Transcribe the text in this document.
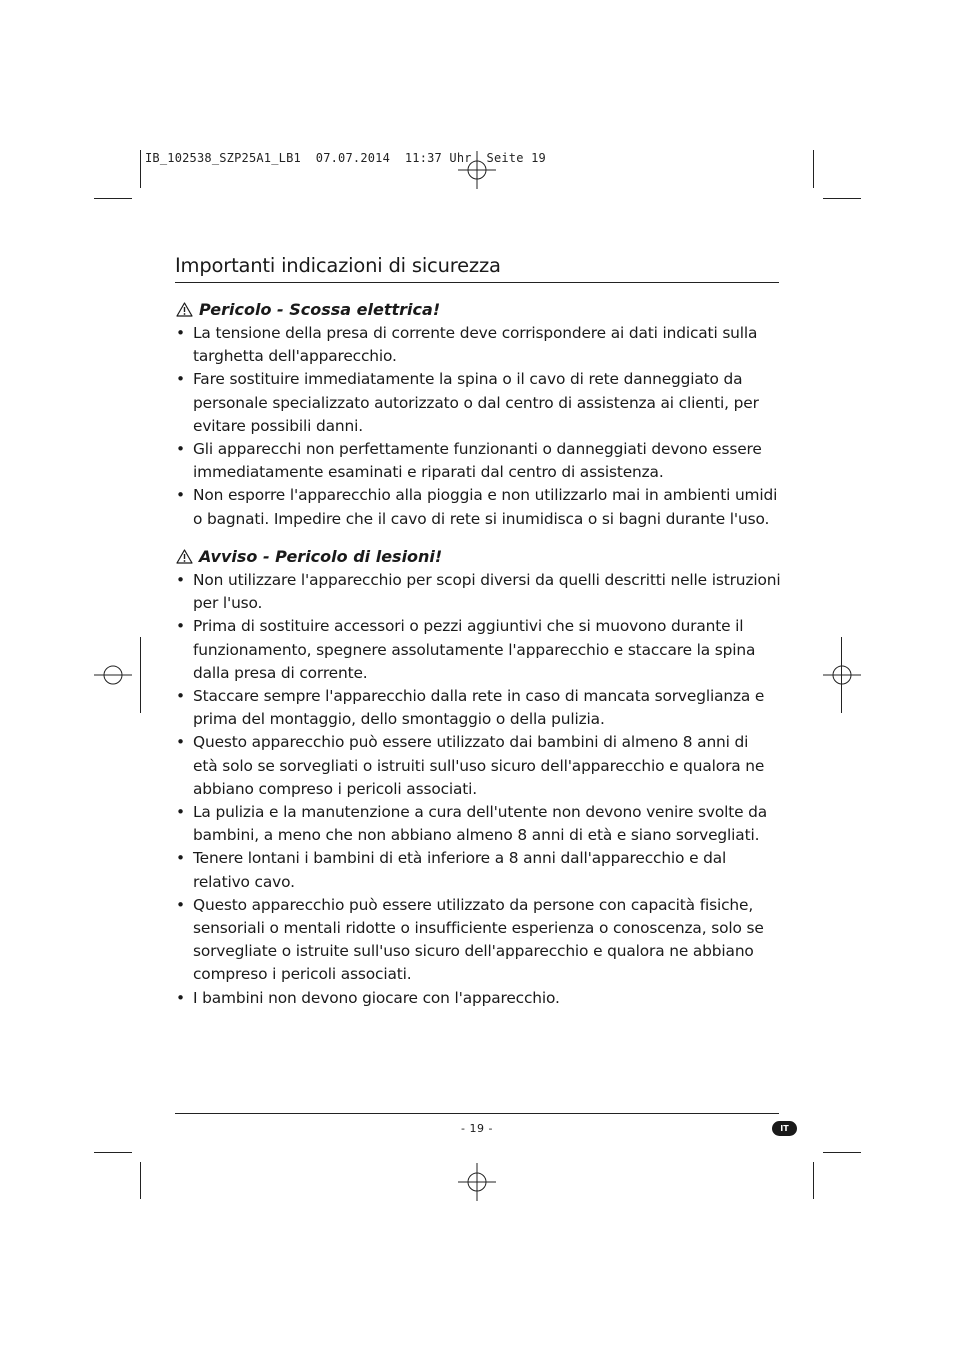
IB_102538_SZP25A1_LB1  07.07.2014  11:37 Uhr  Seite 19
Importanti indicazioni di sicurezza
Pericolo - Scossa elettrica!
• La tensione della presa di corrente deve corrispondere ai dati indicati sulla
targhetta dell'apparecchio.
• Fare sostituire immediatamente la spina o il cavo di rete danneggiato da
personale specializzato autorizzato o dal centro di assistenza ai clienti, per
evitare possibili danni.
• Gli apparecchi non perfettamente funzionanti o danneggiati devono essere
immediatamente esaminati e riparati dal centro di assistenza.
• Non esporre l'apparecchio alla pioggia e non utilizzarlo mai in ambienti umidi
o bagnati. Impedire che il cavo di rete si inumidisca o si bagni durante l'uso.
Avviso - Pericolo di lesioni!
• Non utilizzare l'apparecchio per scopi diversi da quelli descritti nelle istruzioni
per l'uso.
• Prima di sostituire accessori o pezzi aggiuntivi che si muovono durante il
funzionamento, spegnere assolutamente l'apparecchio e staccare la spina
dalla presa di corrente.
• Staccare sempre l'apparecchio dalla rete in caso di mancata sorveglianza e
prima del montaggio, dello smontaggio o della pulizia.
• Questo apparecchio può essere utilizzato dai bambini di almeno 8 anni di
età solo se sorvegliati o istruiti sull'uso sicuro dell'apparecchio e qualora ne
abbiano compreso i pericoli associati.
• La pulizia e la manutenzione a cura dell'utente non devono venire svolte da
bambini, a meno che non abbiano almeno 8 anni di età e siano sorvegliati.
• Tenere lontani i bambini di età inferiore a 8 anni dall'apparecchio e dal
relativo cavo.
• Questo apparecchio può essere utilizzato da persone con capacità fisiche,
sensoriali o mentali ridotte o insufficiente esperienza o conoscenza, solo se
sorvegliate o istruite sull'uso sicuro dell'apparecchio e qualora ne abbiano
compreso i pericoli associati.
• I bambini non devono giocare con l'apparecchio.
- 19 -	IT
